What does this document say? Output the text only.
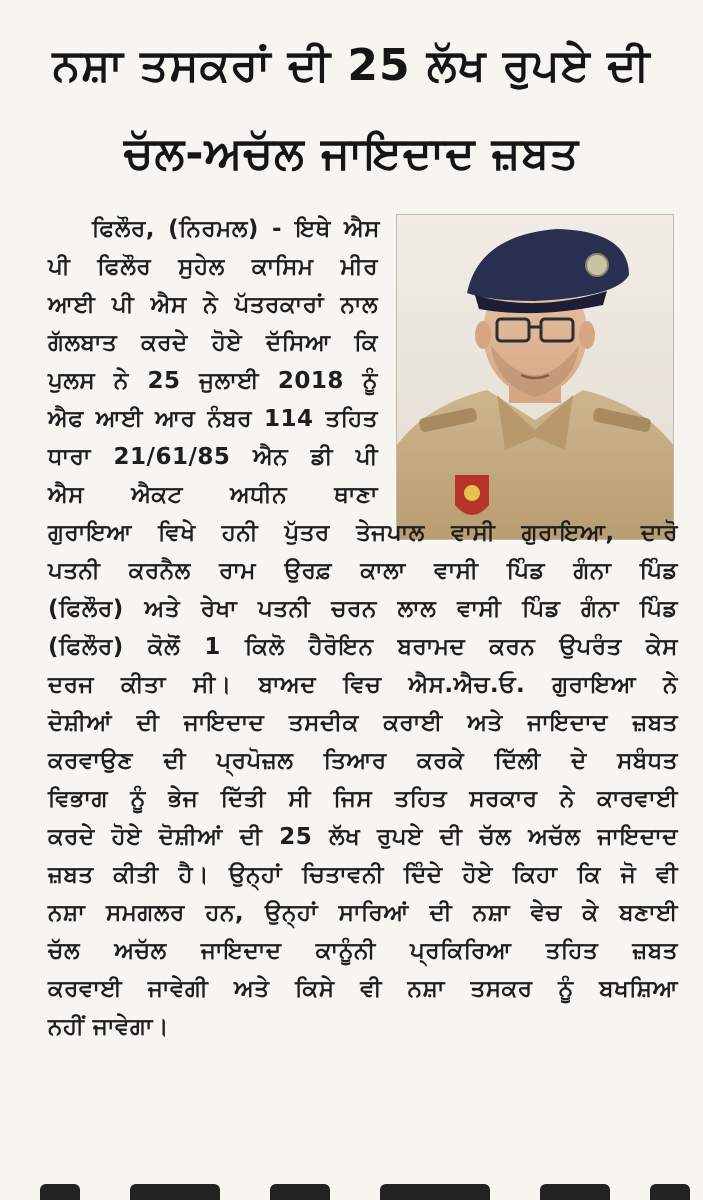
ਨਸ਼ਾ ਤਸਕਰਾਂ ਦੀ 25 ਲੱਖ ਰੁਪਏ ਦੀ
ਚੱਲ-ਅਚੱਲ ਜਾਇਦਾਦ ਜ਼ਬਤ
ਫਿਲੌਰ, (ਨਿਰਮਲ) - ਇਥੇ ਐਸ
ਪੀ ਫਿਲੌਰ ਸੁਹੇਲ ਕਾਸਿਮ ਮੀਰ
ਆਈ ਪੀ ਐਸ ਨੇ ਪੱਤਰਕਾਰਾਂ ਨਾਲ
ਗੱਲਬਾਤ ਕਰਦੇ ਹੋਏ ਦੱਸਿਆ ਕਿ
ਪੁਲਸ ਨੇ 25 ਜੁਲਾਈ 2018 ਨੂੰ
ਐਫ ਆਈ ਆਰ ਨੰਬਰ 114 ਤਹਿਤ
ਧਾਰਾ 21/61/85 ਐਨ ਡੀ ਪੀ
ਐਸ ਐਕਟ ਅਧੀਨ ਥਾਣਾ
ਗੁਰਾਇਆ ਵਿਖੇ ਹਨੀ ਪੁੱਤਰ ਤੇਜਪਾਲ ਵਾਸੀ ਗੁਰਾਇਆ, ਦਾਰੋ
ਪਤਨੀ ਕਰਨੈਲ ਰਾਮ ਉਰਫ਼ ਕਾਲਾ ਵਾਸੀ ਪਿੰਡ ਗੰਨਾ ਪਿੰਡ
(ਫਿਲੌਰ) ਅਤੇ ਰੇਖਾ ਪਤਨੀ ਚਰਨ ਲਾਲ ਵਾਸੀ ਪਿੰਡ ਗੰਨਾ ਪਿੰਡ
(ਫਿਲੌਰ) ਕੋਲੋਂ 1 ਕਿਲੋ ਹੈਰੋਇਨ ਬਰਾਮਦ ਕਰਨ ਉਪਰੰਤ ਕੇਸ
ਦਰਜ ਕੀਤਾ ਸੀ। ਬਾਅਦ ਵਿਚ ਐਸ.ਐਚ.ਓ. ਗੁਰਾਇਆ ਨੇ
ਦੋਸ਼ੀਆਂ ਦੀ ਜਾਇਦਾਦ ਤਸਦੀਕ ਕਰਾਈ ਅਤੇ ਜਾਇਦਾਦ ਜ਼ਬਤ
ਕਰਵਾਉਣ ਦੀ ਪ੍ਰਪੋਜ਼ਲ ਤਿਆਰ ਕਰਕੇ ਦਿੱਲੀ ਦੇ ਸਬੰਧਤ
ਵਿਭਾਗ ਨੂੰ ਭੇਜ ਦਿੱਤੀ ਸੀ ਜਿਸ ਤਹਿਤ ਸਰਕਾਰ ਨੇ ਕਾਰਵਾਈ
ਕਰਦੇ ਹੋਏ ਦੋਸ਼ੀਆਂ ਦੀ 25 ਲੱਖ ਰੁਪਏ ਦੀ ਚੱਲ ਅਚੱਲ ਜਾਇਦਾਦ
ਜ਼ਬਤ ਕੀਤੀ ਹੈ। ਉਨ੍ਹਾਂ ਚਿਤਾਵਨੀ ਦਿੰਦੇ ਹੋਏ ਕਿਹਾ ਕਿ ਜੋ ਵੀ
ਨਸ਼ਾ ਸਮਗਲਰ ਹਨ, ਉਨ੍ਹਾਂ ਸਾਰਿਆਂ ਦੀ ਨਸ਼ਾ ਵੇਚ ਕੇ ਬਣਾਈ
ਚੱਲ ਅਚੱਲ ਜਾਇਦਾਦ ਕਾਨੂੰਨੀ ਪ੍ਰਕਿਰਿਆ ਤਹਿਤ ਜ਼ਬਤ
ਕਰਵਾਈ ਜਾਵੇਗੀ ਅਤੇ ਕਿਸੇ ਵੀ ਨਸ਼ਾ ਤਸਕਰ ਨੂੰ ਬਖਸ਼ਿਆ
ਨਹੀਂ ਜਾਵੇਗਾ।
